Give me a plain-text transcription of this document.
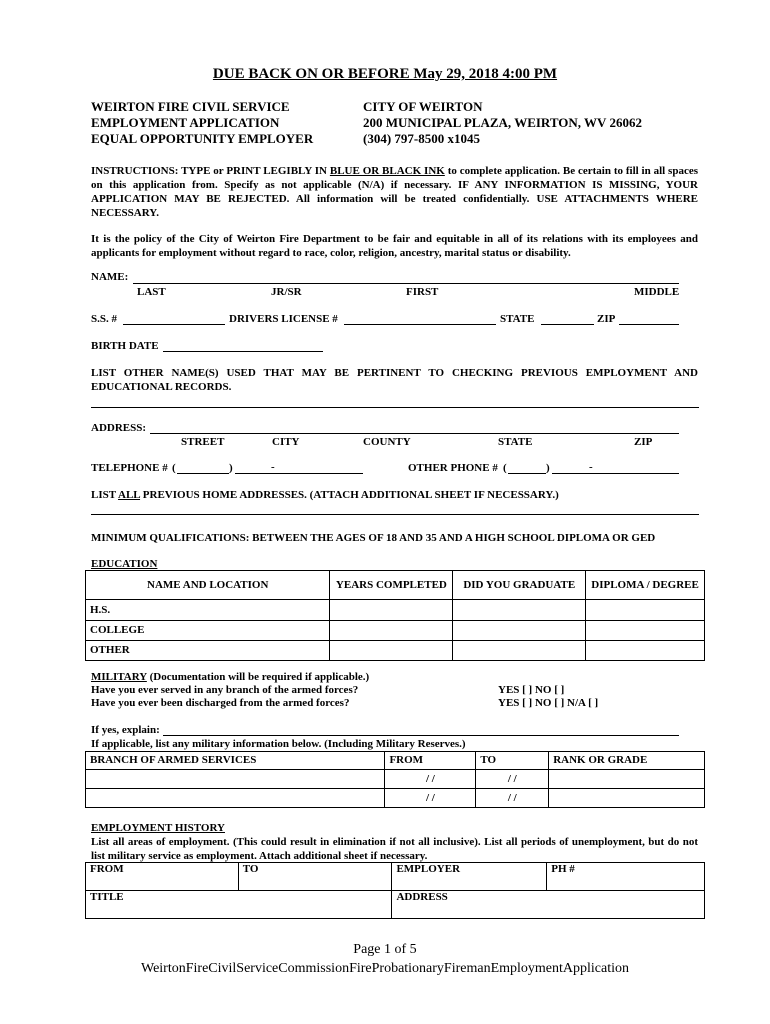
DUE BACK ON OR BEFORE May 29, 2018 4:00 PM
WEIRTON FIRE CIVIL SERVICE
EMPLOYMENT APPLICATION
EQUAL OPPORTUNITY EMPLOYER
CITY OF WEIRTON
200 MUNICIPAL PLAZA, WEIRTON, WV 26062
(304) 797-8500 x1045
INSTRUCTIONS: TYPE or PRINT LEGIBLY IN BLUE OR BLACK INK to complete application. Be certain to fill in all spaces on this application from. Specify as not applicable (N/A) if necessary. IF ANY INFORMATION IS MISSING, YOUR APPLICATION MAY BE REJECTED. All information will be treated confidentially. USE ATTACHMENTS WHERE NECESSARY.
It is the policy of the City of Weirton Fire Department to be fair and equitable in all of its relations with its employees and applicants for employment without regard to race, color, religion, ancestry, marital status or disability.
NAME:
LAST	JR/SR	FIRST	MIDDLE
S.S. #	DRIVERS LICENSE #	STATE	ZIP
BIRTH DATE
LIST OTHER NAME(S) USED THAT MAY BE PERTINENT TO CHECKING PREVIOUS EMPLOYMENT AND EDUCATIONAL RECORDS.
ADDRESS:
STREET	CITY	COUNTY	STATE	ZIP
TELEPHONE # (	)	-	OTHER PHONE # (	)	-
LIST ALL PREVIOUS HOME ADDRESSES. (ATTACH ADDITIONAL SHEET IF NECESSARY.)
MINIMUM QUALIFICATIONS: BETWEEN THE AGES OF 18 AND 35 AND A HIGH SCHOOL DIPLOMA OR GED
EDUCATION
NAME AND LOCATION	YEARS COMPLETED	DID YOU GRADUATE	DIPLOMA / DEGREE
H.S.			
COLLEGE			
OTHER			
MILITARY (Documentation will be required if applicable.)
Have you ever served in any branch of the armed forces?	YES [ ] NO [ ]
Have you ever been discharged from the armed forces?	YES [ ] NO [ ] N/A [ ]
If yes, explain:
If applicable, list any military information below. (Including Military Reserves.)
BRANCH OF ARMED SERVICES	FROM	TO	RANK OR GRADE
	/ /	/ /	
	/ /	/ /	
EMPLOYMENT HISTORY
List all areas of employment. (This could result in elimination if not all inclusive). List all periods of unemployment, but do not list military service as employment. Attach additional sheet if necessary.
FROM	TO	EMPLOYER	PH #
TITLE		ADDRESS	
Page 1 of 5
WeirtonFireCivilServiceCommissionFireProbationaryFiremanEmploymentApplication
